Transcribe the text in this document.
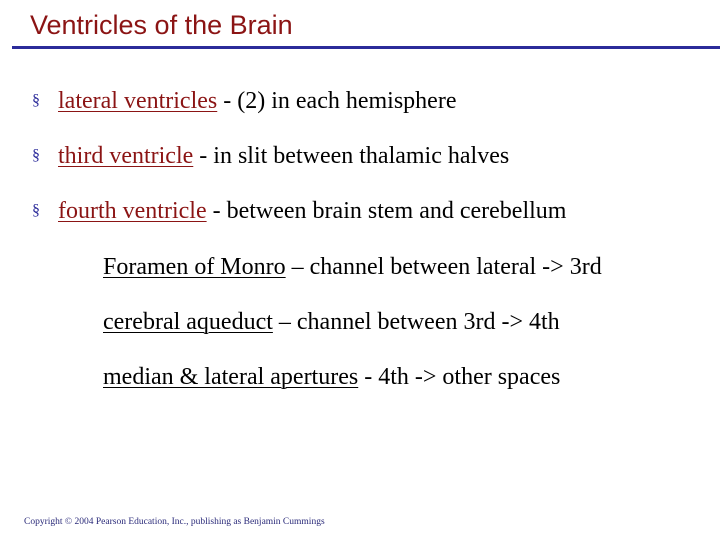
Ventricles of the Brain
§ lateral ventricles - (2) in each hemisphere
§ third ventricle - in slit between thalamic halves
§ fourth ventricle - between brain stem and cerebellum
Foramen of Monro – channel between lateral -> 3rd
cerebral aqueduct – channel between 3rd -> 4th
median & lateral apertures - 4th -> other spaces
Copyright © 2004 Pearson Education, Inc., publishing as Benjamin Cummings
